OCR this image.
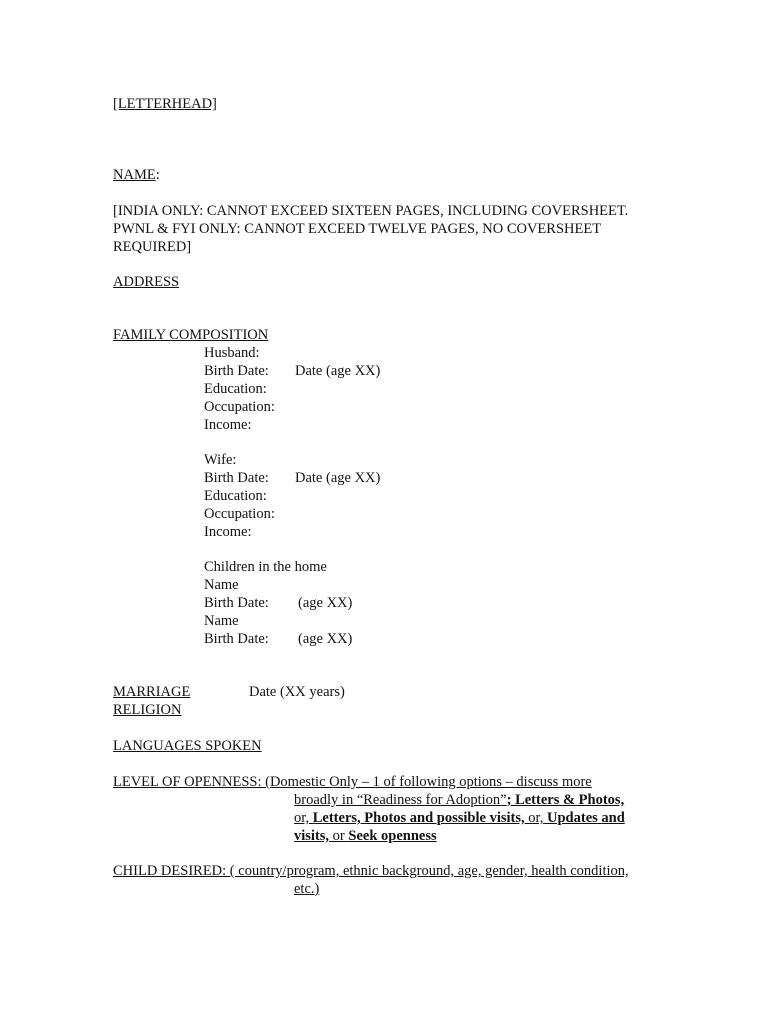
[LETTERHEAD]
NAME:
[INDIA ONLY: CANNOT EXCEED SIXTEEN PAGES, INCLUDING COVERSHEET.
PWNL & FYI ONLY: CANNOT EXCEED TWELVE PAGES, NO COVERSHEET
REQUIRED]
ADDRESS
FAMILY COMPOSITION
Husband:
Birth Date: Date (age XX)
Education:
Occupation:
Income:
Wife:
Birth Date: Date (age XX)
Education:
Occupation:
Income:
Children in the home
Name
Birth Date: (age XX)
Name
Birth Date: (age XX)
MARRIAGE	Date (XX years)
RELIGION
LANGUAGES SPOKEN
LEVEL OF OPENNESS: (Domestic Only – 1 of following options – discuss more
broadly in “Readiness for Adoption”; Letters & Photos,
or, Letters, Photos and possible visits, or, Updates and
visits, or Seek openness
CHILD DESIRED: ( country/program, ethnic background, age, gender, health condition,
etc.)
